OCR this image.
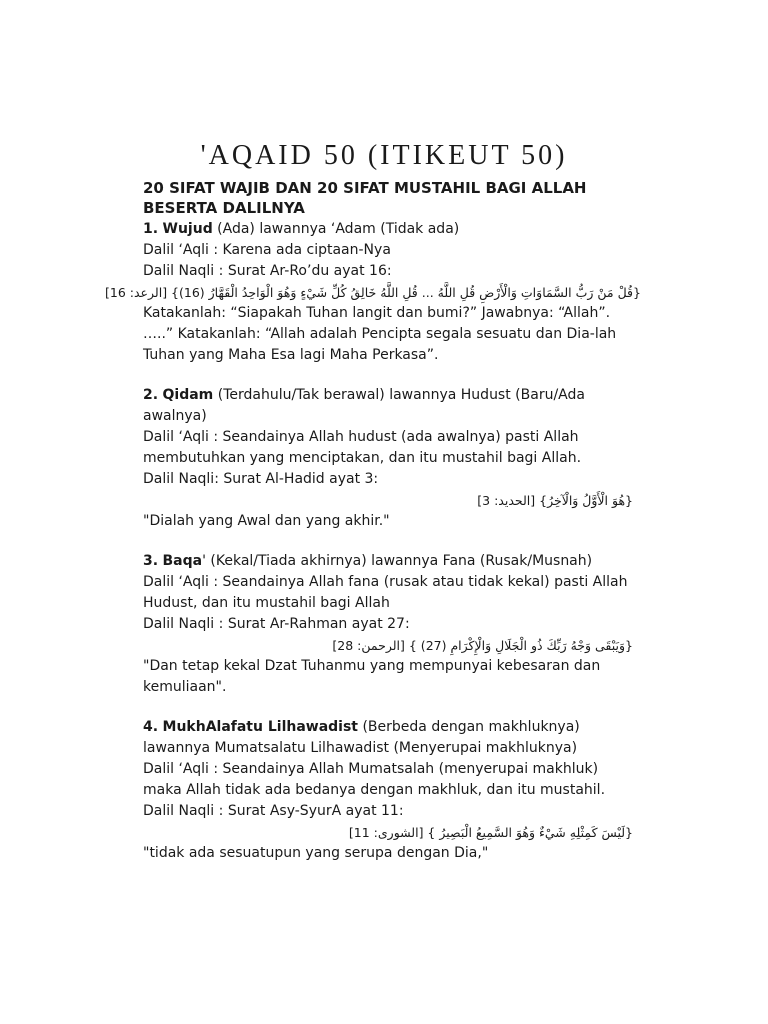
'AQAID 50 (ITIKEUT 50)

20 SIFAT WAJIB DAN 20 SIFAT MUSTAHIL BAGI ALLAH BESERTA DALILNYA

1. Wujud (Ada) lawannya ‘Adam (Tidak ada)

Dalil ‘Aqli : Karena ada ciptaan-Nya

Dalil Naqli : Surat Ar-Ro’du ayat 16:

{قُلْ مَنْ رَبُّ السَّمَاوَاتِ وَالْأَرْضِ قُلِ اللَّهُ ... قُلِ اللَّهُ خَالِقُ كُلِّ شَيْءٍ وَهُوَ الْوَاحِدُ الْقَهَّارُ (16)} [الرعد: 16]

Katakanlah: “Siapakah Tuhan langit dan bumi?” Jawabnya: “Allah”. …..” Katakanlah: “Allah adalah Pencipta segala sesuatu dan Dia-lah Tuhan yang Maha Esa lagi Maha Perkasa”.

2. Qidam (Terdahulu/Tak berawal) lawannya Hudust (Baru/Ada awalnya)

Dalil ‘Aqli : Seandainya Allah hudust (ada awalnya) pasti Allah membutuhkan yang menciptakan, dan itu mustahil bagi Allah.

Dalil Naqli: Surat Al-Hadid ayat 3:

{هُوَ الْأَوَّلُ وَالْآخِرُ} [الحديد: 3]

"Dialah yang Awal dan yang akhir."

3. Baqa' (Kekal/Tiada akhirnya) lawannya Fana (Rusak/Musnah)

Dalil ‘Aqli : Seandainya Allah fana (rusak atau tidak kekal) pasti Allah Hudust, dan itu mustahil bagi Allah

Dalil Naqli : Surat Ar-Rahman ayat 27:

{وَيَبْقَى وَجْهُ رَبِّكَ ذُو الْجَلَالِ وَالْإِكْرَامِ (27) } [الرحمن: 28]

"Dan tetap kekal Dzat Tuhanmu yang mempunyai kebesaran dan kemuliaan".

4. MukhAlafatu Lilhawadist (Berbeda dengan makhluknya) lawannya Mumatsalatu Lilhawadist (Menyerupai makhluknya)

Dalil ‘Aqli : Seandainya Allah Mumatsalah (menyerupai makhluk) maka Allah tidak ada bedanya dengan makhluk, dan itu mustahil.

Dalil Naqli : Surat Asy-SyurA ayat 11:

{لَيْسَ كَمِثْلِهِ شَيْءٌ وَهُوَ السَّمِيعُ الْبَصِيرُ } [الشورى: 11]

"tidak ada sesuatupun yang serupa dengan Dia,"
